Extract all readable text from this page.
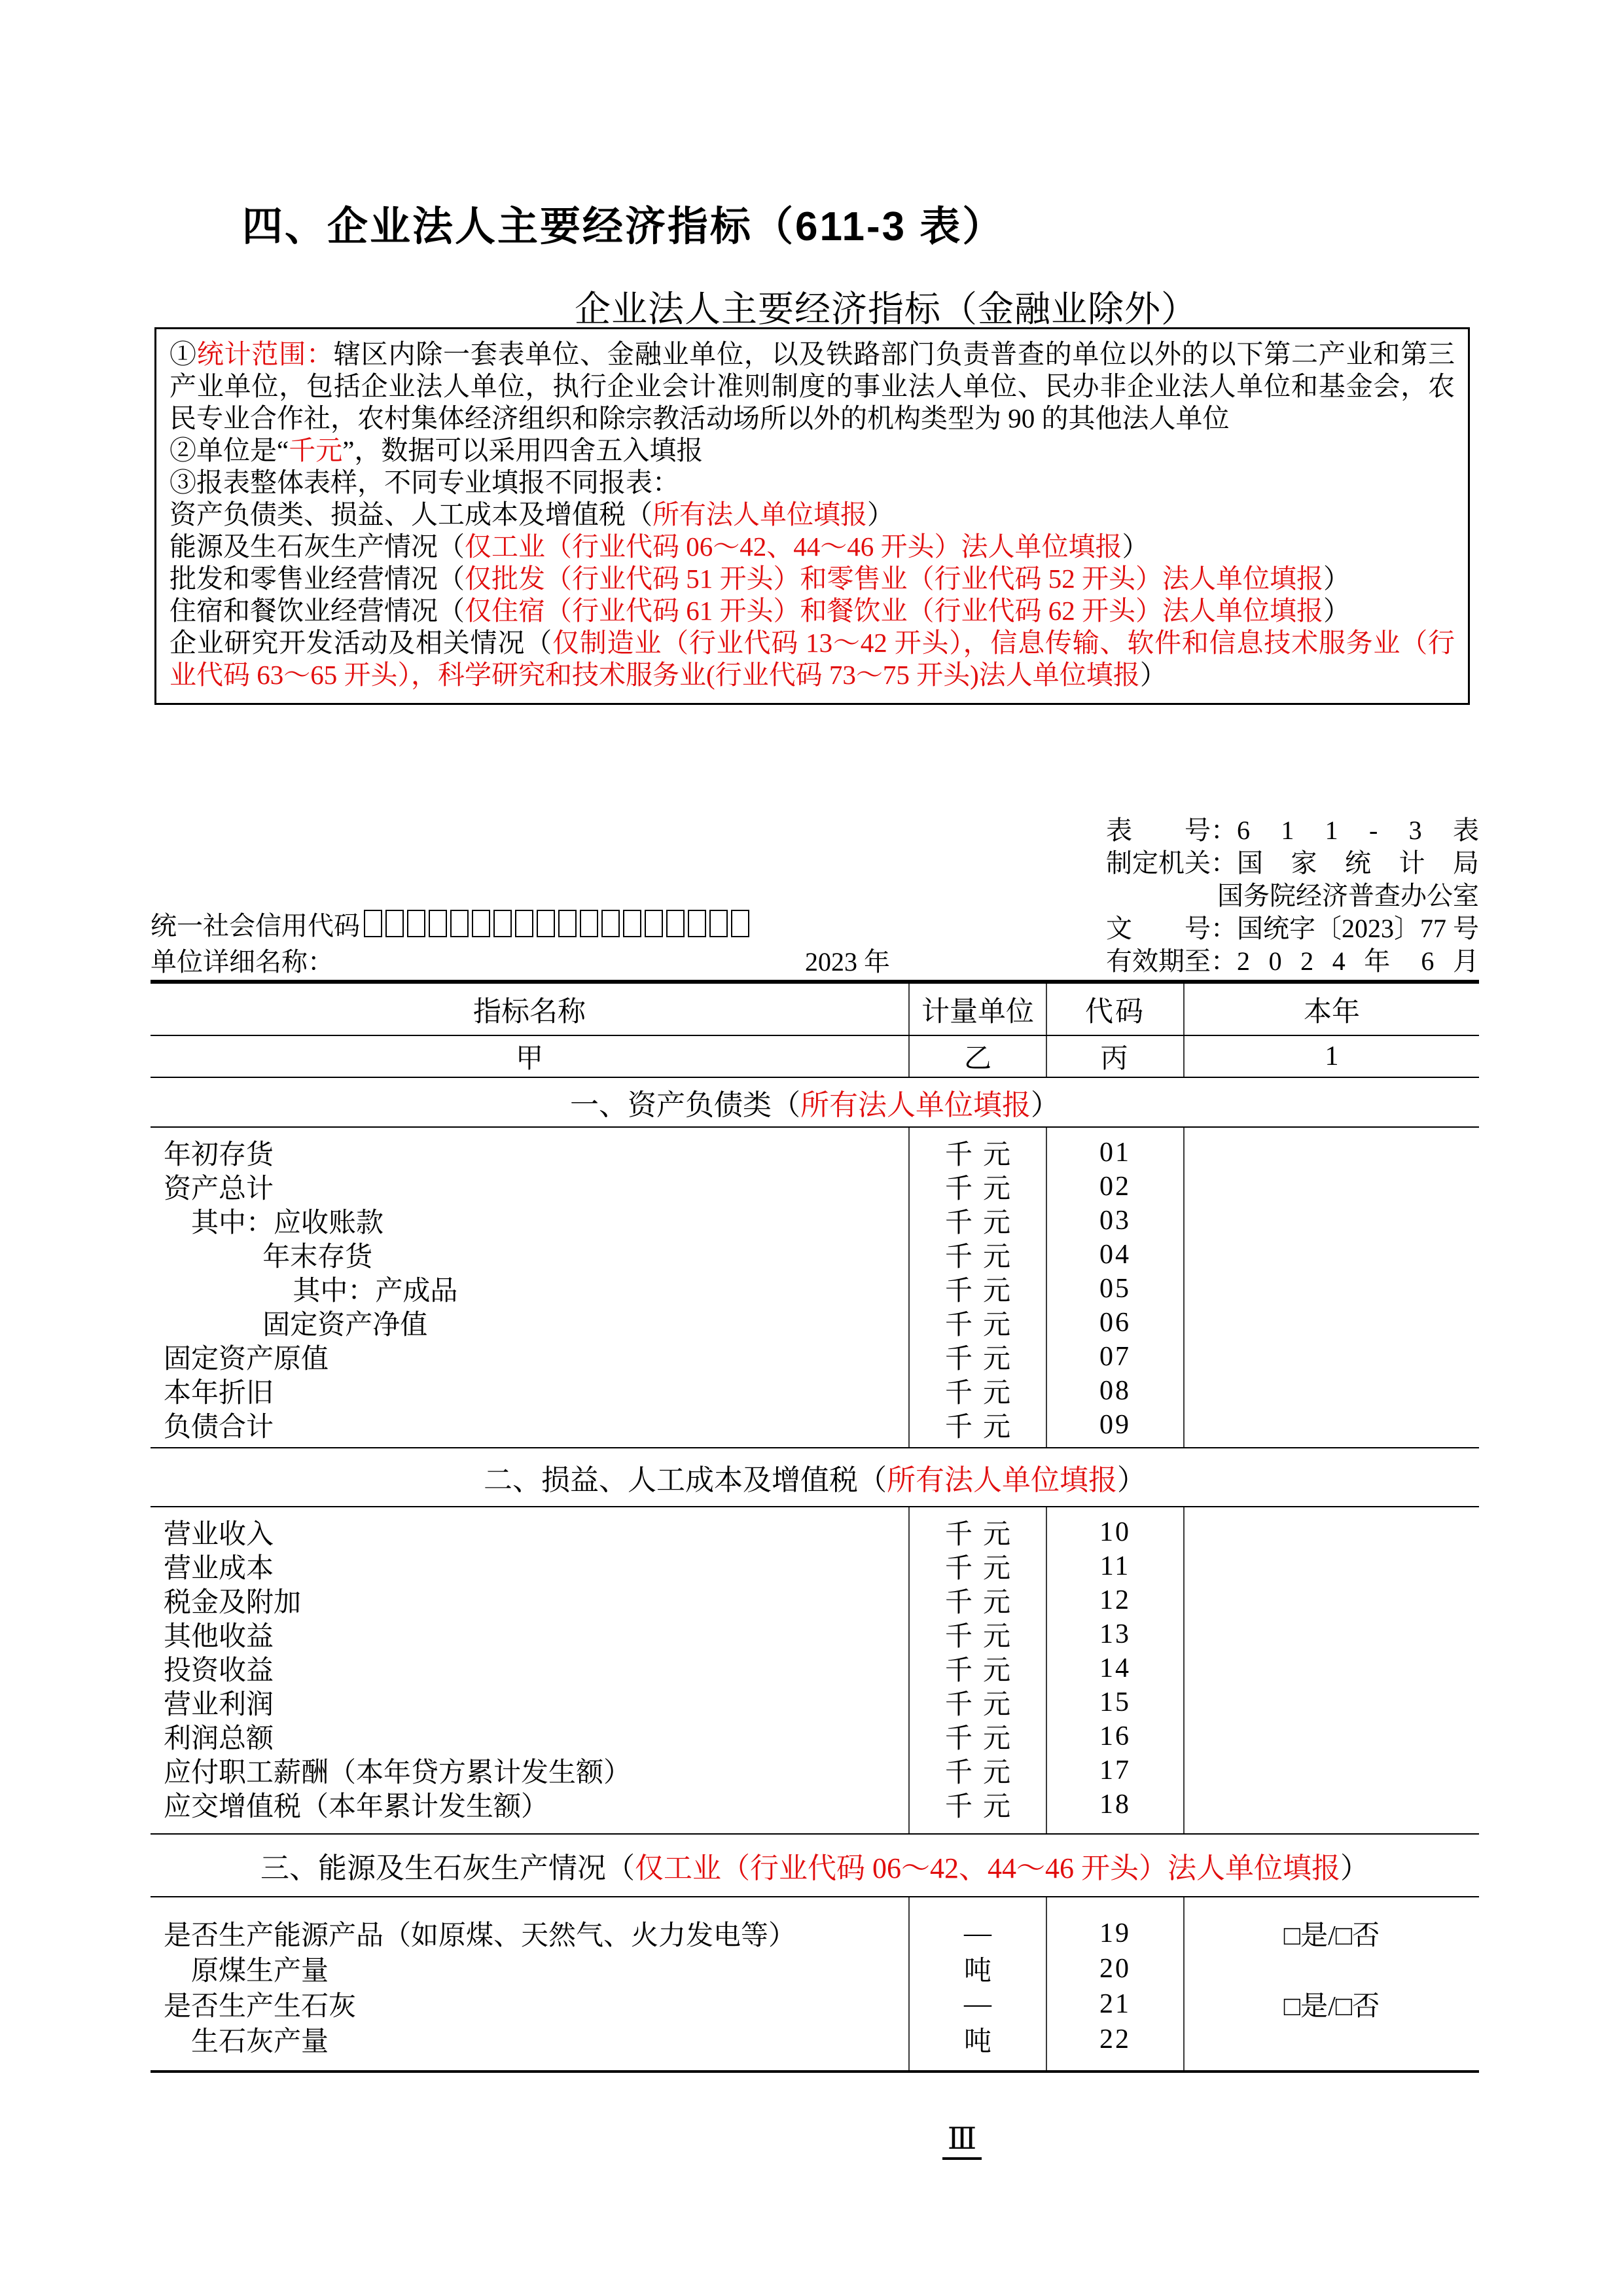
四、企业法人主要经济指标（611-3 表）
企业法人主要经济指标（金融业除外）
①统计范围：辖区内除一套表单位、金融业单位，以及铁路部门负责普查的单位以外的以下第二产业和第三产业单位，包括企业法人单位，执行企业会计准则制度的事业法人单位、民办非企业法人单位和基金会，农民专业合作社，农村集体经济组织和除宗教活动场所以外的机构类型为 90 的其他法人单位
②单位是“千元”，数据可以采用四舍五入填报
③报表整体表样，不同专业填报不同报表：
资产负债类、损益、人工成本及增值税（所有法人单位填报）
能源及生石灰生产情况（仅工业（行业代码 06～42、44～46 开头）法人单位填报）
批发和零售业经营情况（仅批发（行业代码 51 开头）和零售业（行业代码 52 开头）法人单位填报）
住宿和餐饮业经营情况（仅住宿（行业代码 61 开头）和餐饮业（行业代码 62 开头）法人单位填报）
企业研究开发活动及相关情况（仅制造业（行业代码 13～42 开头），信息传输、软件和信息技术服务业（行业代码 63～65 开头），科学研究和技术服务业(行业代码 73～75 开头)法人单位填报）
表　　号： 6 1 1 - 3 表
制定机关： 国 家 统 计 局
国务院经济普查办公室
文　　号： 国统字〔2023〕77 号
有效期至： 2 0 2 4 年 6 月
统一社会信用代码
单位详细名称：	2023 年
指标名称	计量单位	代码	本年
甲	乙	丙	1
一、资产负债类（ 所有法人单位填报 ）
年初存货	千元	01
资产总计	千元	02
其中：应收账款	千元	03
年末存货	千元	04
其中：产成品	千元	05
固定资产净值	千元	06
固定资产原值	千元	07
本年折旧	千元	08
负债合计	千元	09
二、损益、人工成本及增值税（ 所有法人单位填报 ）
营业收入	千元	10
营业成本	千元	11
税金及附加	千元	12
其他收益	千元	13
投资收益	千元	14
营业利润	千元	15
利润总额	千元	16
应付职工薪酬（本年贷方累计发生额）	千元	17
应交增值税（本年累计发生额）	千元	18
三、能源及生石灰生产情况（ 仅工业（行业代码 06～42、44～46 开头）法人单位填报 ）
是否生产能源产品（如原煤、天然气、火力发电等）	—	19	□是/□否
原煤生产量	吨	20
是否生产生石灰	—	21	□是/□否
生石灰产量	吨	22
Ⅲ
